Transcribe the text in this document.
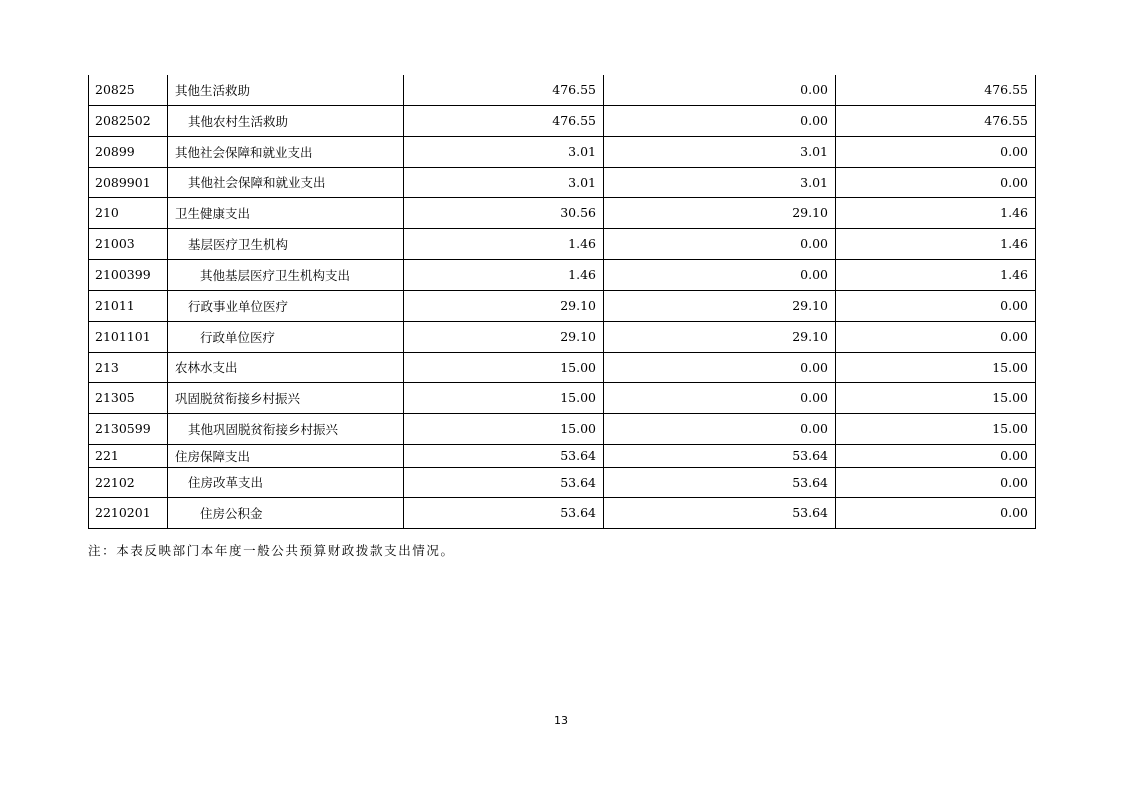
20825	其他生活救助	476.55	0.00	476.55
2082502	其他农村生活救助	476.55	0.00	476.55
20899	其他社会保障和就业支出	3.01	3.01	0.00
2089901	其他社会保障和就业支出	3.01	3.01	0.00
210	卫生健康支出	30.56	29.10	1.46
21003	基层医疗卫生机构	1.46	0.00	1.46
2100399	其他基层医疗卫生机构支出	1.46	0.00	1.46
21011	行政事业单位医疗	29.10	29.10	0.00
2101101	行政单位医疗	29.10	29.10	0.00
213	农林水支出	15.00	0.00	15.00
21305	巩固脱贫衔接乡村振兴	15.00	0.00	15.00
2130599	其他巩固脱贫衔接乡村振兴	15.00	0.00	15.00
221	住房保障支出	53.64	53.64	0.00
22102	住房改革支出	53.64	53.64	0.00
2210201	住房公积金	53.64	53.64	0.00
注：本表反映部门本年度一般公共预算财政拨款支出情况。
13
